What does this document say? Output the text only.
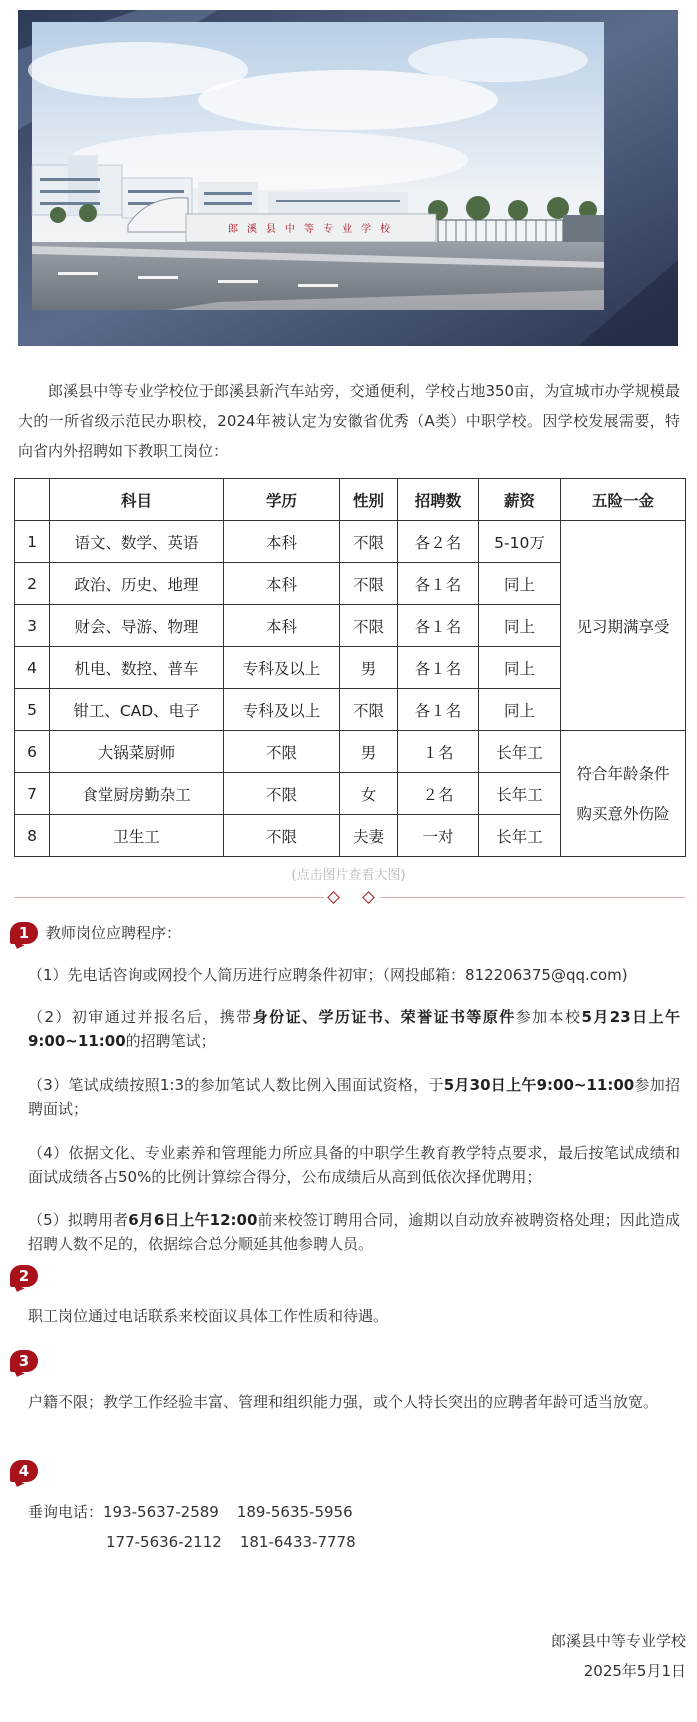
郎溪县中等专业学校

郎溪县中等专业学校位于郎溪县新汽车站旁，交通便利，学校占地350亩，为宣城市办学规模最大的一所省级示范民办职校，2024年被认定为安徽省优秀（A类）中职学校。因学校发展需要，特向省内外招聘如下教职工岗位：

	科目	学历	性别	招聘数	薪资	五险一金
1	语文、数学、英语	本科	不限	各２名	5-10万	见习期满享受
2	政治、历史、地理	本科	不限	各１名	同上	
3	财会、导游、物理	本科	不限	各１名	同上	
4	机电、数控、普车	专科及以上	男	各１名	同上	
5	钳工、CAD、电子	专科及以上	不限	各１名	同上	
6	大锅菜厨师	不限	男	１名	长年工	符合年龄条件
购买意外伤险

7	食堂厨房勤杂工	不限	女	２名	长年工	
8	卫生工	不限	夫妻	一对	长年工	
(点击图片查看大图)
1	教师岗位应聘程序：

（1）先电话咨询或网投个人简历进行应聘条件初审；（网投邮箱：812206375@qq.com)

（2）初审通过并报名后，携带身份证、学历证书、荣誉证书等原件参加本校5月23日上午9:00~11:00的招聘笔试；

（3）笔试成绩按照1:3的参加笔试人数比例入围面试资格，于5月30日上午9:00~11:00参加招聘面试；

（4）依据文化、专业素养和管理能力所应具备的中职学生教育教学特点要求，最后按笔试成绩和面试成绩各占50%的比例计算综合得分，公布成绩后从高到低依次择优聘用；

（5）拟聘用者6月6日上午12:00前来校签订聘用合同，逾期以自动放弃被聘资格处理；因此造成招聘人数不足的，依据综合总分顺延其他参聘人员。

2

职工岗位通过电话联系来校面议具体工作性质和待遇。

3

户籍不限；教学工作经验丰富、管理和组织能力强，或个人特长突出的应聘者年龄可适当放宽。

4
垂询电话：193-5637-2589 189-5635-5956
177-5636-2112 181-6433-7778
郎溪县中等专业学校
2025年5月1日
